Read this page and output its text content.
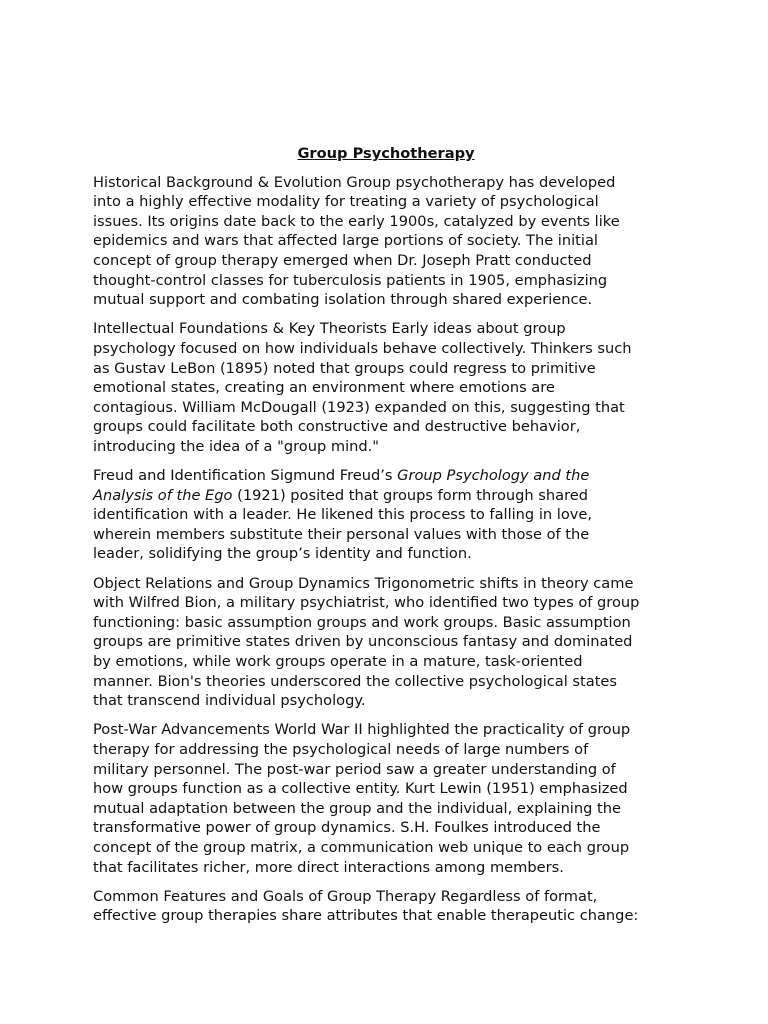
Group Psychotherapy
Historical Background & Evolution Group psychotherapy has developed
into a highly effective modality for treating a variety of psychological
issues. Its origins date back to the early 1900s, catalyzed by events like
epidemics and wars that affected large portions of society. The initial
concept of group therapy emerged when Dr. Joseph Pratt conducted
thought-control classes for tuberculosis patients in 1905, emphasizing
mutual support and combating isolation through shared experience.
Intellectual Foundations & Key Theorists Early ideas about group
psychology focused on how individuals behave collectively. Thinkers such
as Gustav LeBon (1895) noted that groups could regress to primitive
emotional states, creating an environment where emotions are
contagious. William McDougall (1923) expanded on this, suggesting that
groups could facilitate both constructive and destructive behavior,
introducing the idea of a "group mind."
Freud and Identification Sigmund Freud’s Group Psychology and the
Analysis of the Ego (1921) posited that groups form through shared
identification with a leader. He likened this process to falling in love,
wherein members substitute their personal values with those of the
leader, solidifying the group’s identity and function.
Object Relations and Group Dynamics Trigonometric shifts in theory came
with Wilfred Bion, a military psychiatrist, who identified two types of group
functioning: basic assumption groups and work groups. Basic assumption
groups are primitive states driven by unconscious fantasy and dominated
by emotions, while work groups operate in a mature, task-oriented
manner. Bion's theories underscored the collective psychological states
that transcend individual psychology.
Post-War Advancements World War II highlighted the practicality of group
therapy for addressing the psychological needs of large numbers of
military personnel. The post-war period saw a greater understanding of
how groups function as a collective entity. Kurt Lewin (1951) emphasized
mutual adaptation between the group and the individual, explaining the
transformative power of group dynamics. S.H. Foulkes introduced the
concept of the group matrix, a communication web unique to each group
that facilitates richer, more direct interactions among members.
Common Features and Goals of Group Therapy Regardless of format,
effective group therapies share attributes that enable therapeutic change:
